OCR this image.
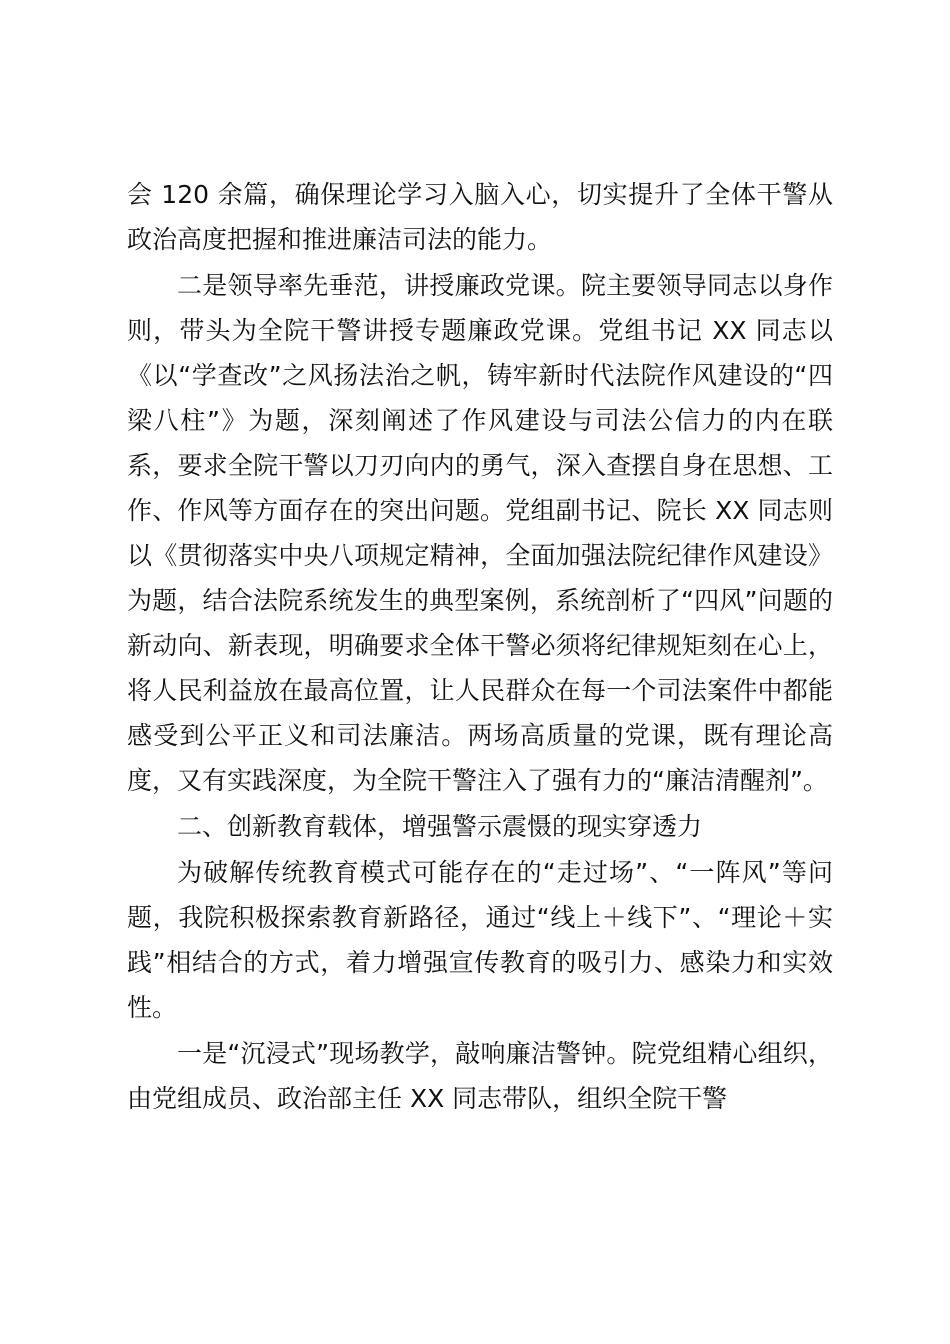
会 120 余篇，确保理论学习入脑入心，切实提升了全体干警从政治高度把握和推进廉洁司法的能力。

二是领导率先垂范，讲授廉政党课。院主要领导同志以身作则，带头为全院干警讲授专题廉政党课。党组书记 XX 同志以《以“学查改”之风扬法治之帆，铸牢新时代法院作风建设的“四梁八柱”》为题，深刻阐述了作风建设与司法公信力的内在联系，要求全院干警以刀刃向内的勇气，深入查摆自身在思想、工作、作风等方面存在的突出问题。党组副书记、院长 XX 同志则以《贯彻落实中央八项规定精神，全面加强法院纪律作风建设》为题，结合法院系统发生的典型案例，系统剖析了“四风”问题的新动向、新表现，明确要求全体干警必须将纪律规矩刻在心上，将人民利益放在最高位置，让人民群众在每一个司法案件中都能感受到公平正义和司法廉洁。两场高质量的党课，既有理论高度，又有实践深度，为全院干警注入了强有力的“廉洁清醒剂”。

二、创新教育载体，增强警示震慑的现实穿透力

为破解传统教育模式可能存在的“走过场”、“一阵风”等问题，我院积极探索教育新路径，通过“线上＋线下”、“理论＋实践”相结合的方式，着力增强宣传教育的吸引力、感染力和实效性。

一是“沉浸式”现场教学，敲响廉洁警钟。院党组精心组织，由党组成员、政治部主任 XX 同志带队，组织全院干警
